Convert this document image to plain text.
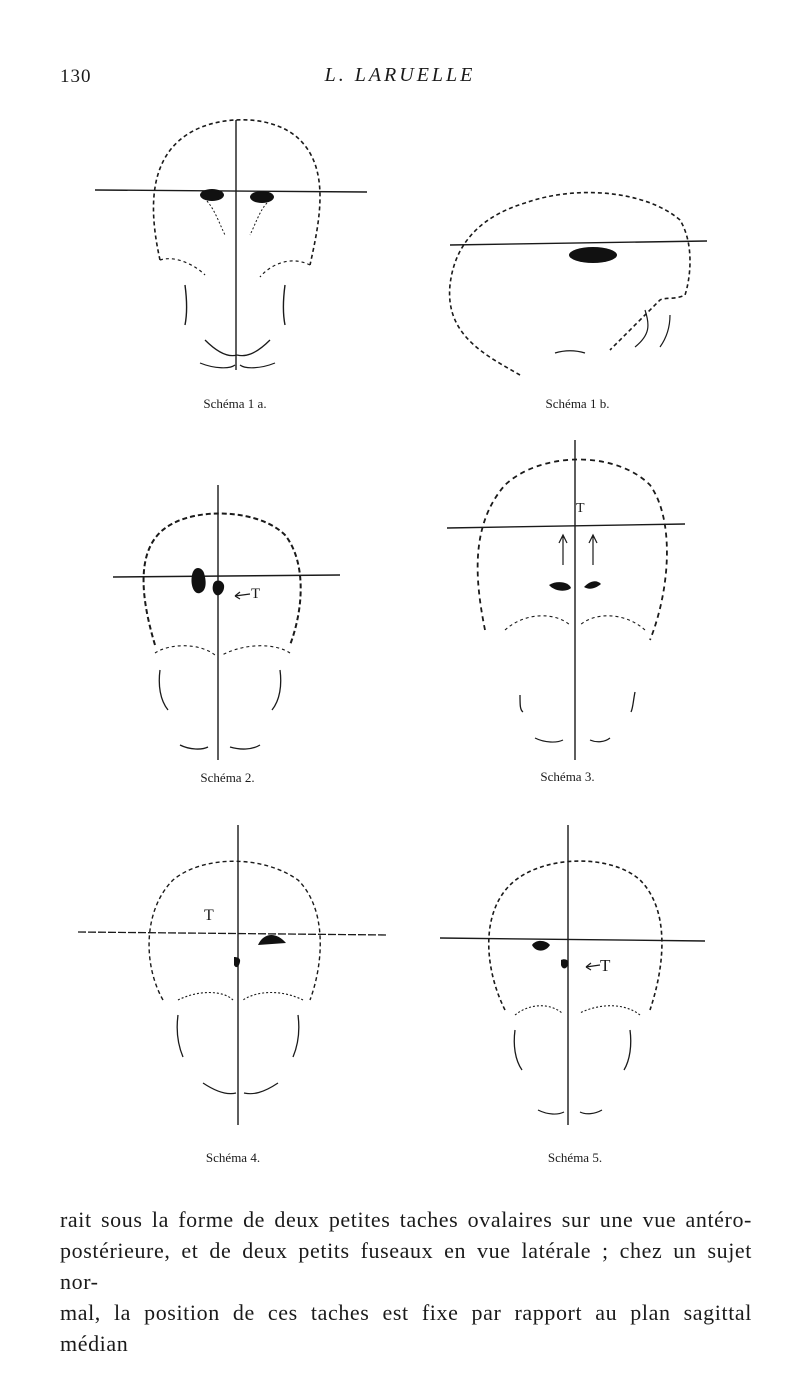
130	L. LARUELLE
Schéma 1 a.	Schéma 1 b.
T
Schéma 2.
T
Schéma 3.
T
Schéma 4.
T
Schéma 5.
rait sous la forme de deux petites taches ovalaires sur une vue antéro-
postérieure, et de deux petits fuseaux en vue latérale ; chez un sujet nor-
mal, la position de ces taches est fixe par rapport au plan sagittal médian
